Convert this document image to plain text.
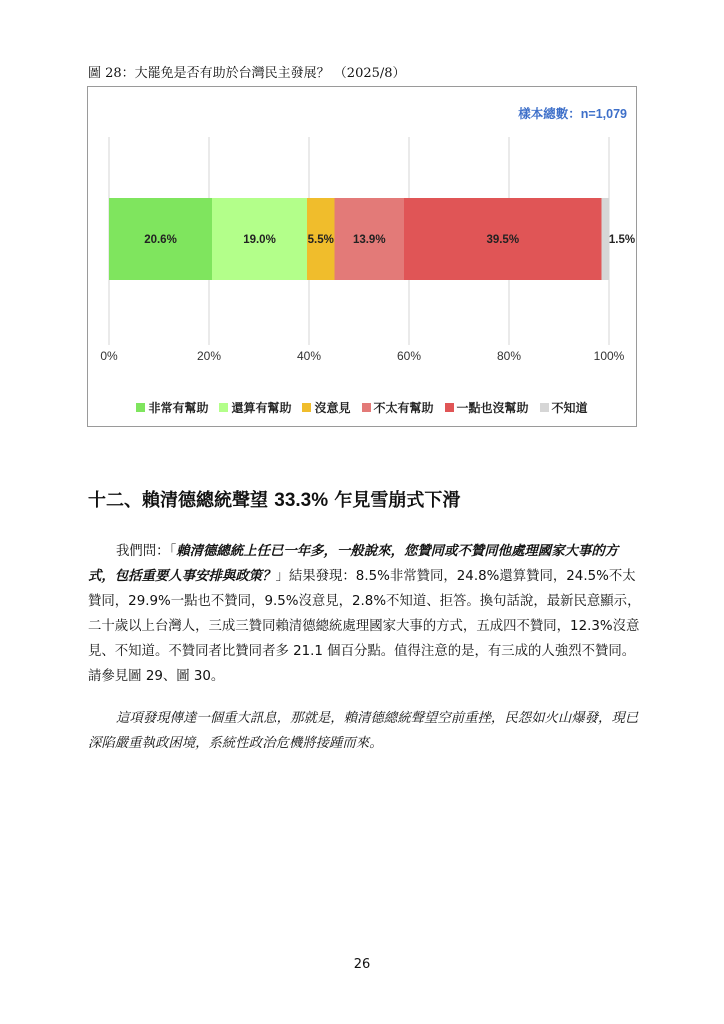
圖 28：大罷免是否有助於台灣民主發展？ （2025/8）
樣本總數：n=1,079
20.6%	19.0%	5.5% 13.9%	39.5%	1.5%
0%	20%	40%	60%	80%	100%
非常有幫助 還算有幫助 沒意見 不太有幫助 一點也沒幫助 不知道
十二、賴清德總統聲望 33.3% 乍見雪崩式下滑
我們問：「賴清德總統上任已一年多，一般說來，您贊同或不贊同他處理國家大事的方式，包括重要人事安排與政策？」結果發現：8.5%非常贊同，24.8%還算贊同，24.5%不太贊同，29.9%一點也不贊同，9.5%沒意見，2.8%不知道、拒答。換句話說，最新民意顯示，二十歲以上台灣人，三成三贊同賴清德總統處理國家大事的方式，五成四不贊同，12.3%沒意見、不知道。不贊同者比贊同者多 21.1 個百分點。值得注意的是，有三成的人強烈不贊同。請參見圖 29、圖 30。
這項發現傳達一個重大訊息，那就是，賴清德總統聲望空前重挫，民怨如火山爆發，現已深陷嚴重執政困境，系統性政治危機將接踵而來。
26
